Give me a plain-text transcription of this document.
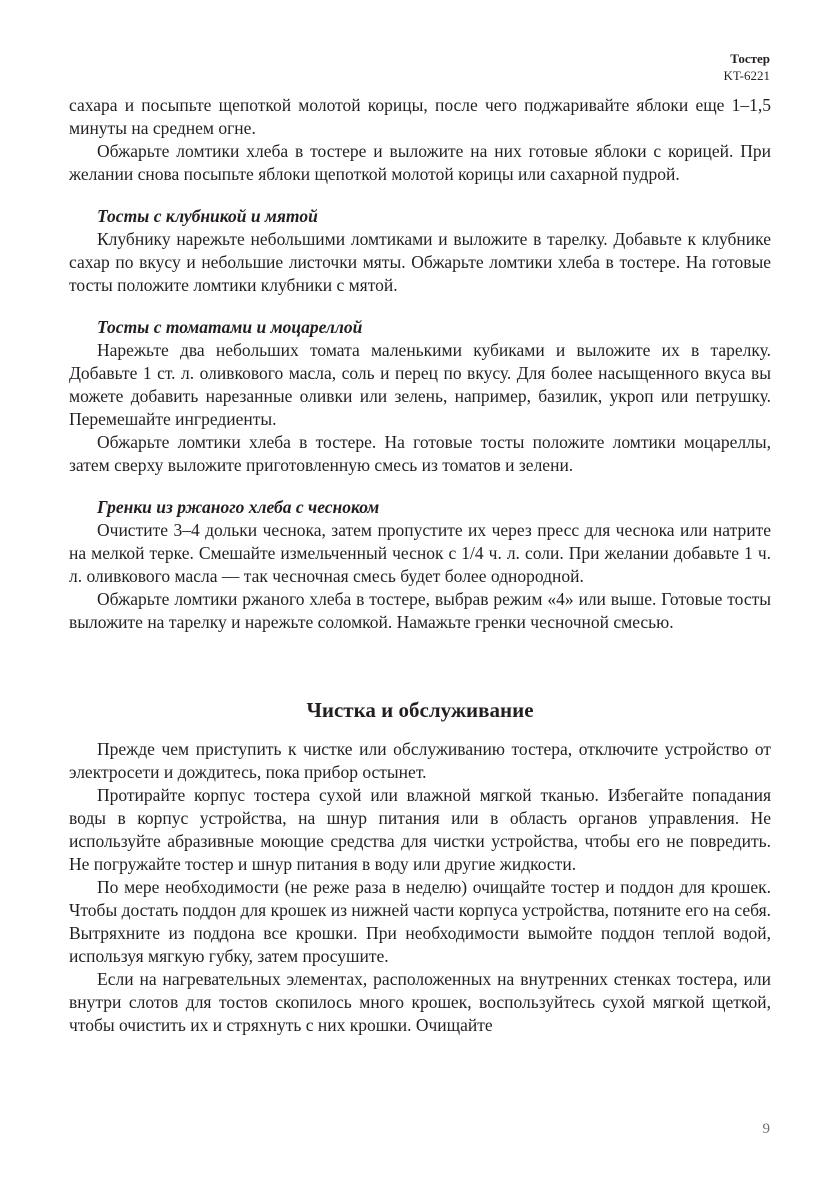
Тостер
KT-6221

сахара и посыпьте щепоткой молотой корицы, после чего поджаривайте яблоки еще 1–1,5 минуты на среднем огне.

Обжарьте ломтики хлеба в тостере и выложите на них готовые яблоки с корицей. При желании снова посыпьте яблоки щепоткой молотой корицы или сахарной пудрой.

Тосты с клубникой и мятой

Клубнику нарежьте небольшими ломтиками и выложите в тарелку. Добавьте к клубнике сахар по вкусу и небольшие листочки мяты. Обжарьте ломтики хлеба в тостере. На готовые тосты положите ломтики клубники с мятой.

Тосты с томатами и моцареллой

Нарежьте два небольших томата маленькими кубиками и выложите их в тарелку. Добавьте 1 ст. л. оливкового масла, соль и перец по вкусу. Для более насыщенного вкуса вы можете добавить нарезанные оливки или зелень, например, базилик, укроп или петрушку. Перемешайте ингредиенты.

Обжарьте ломтики хлеба в тостере. На готовые тосты положите ломтики моцареллы, затем сверху выложите приготовленную смесь из томатов и зелени.

Гренки из ржаного хлеба с чесноком

Очистите 3–4 дольки чеснока, затем пропустите их через пресс для чеснока или натрите на мелкой терке. Смешайте измельченный чеснок с 1/4 ч. л. соли. При желании добавьте 1 ч. л. оливкового масла — так чесночная смесь будет более однородной.

Обжарьте ломтики ржаного хлеба в тостере, выбрав режим «4» или выше. Готовые тосты выложите на тарелку и нарежьте соломкой. Намажьте гренки чесночной смесью.

Чистка и обслуживание

Прежде чем приступить к чистке или обслуживанию тостера, отключите устройство от электросети и дождитесь, пока прибор остынет.

Протирайте корпус тостера сухой или влажной мягкой тканью. Избегайте попадания воды в корпус устройства, на шнур питания или в область органов управления. Не используйте абразивные моющие средства для чистки устройства, чтобы его не повредить. Не погружайте тостер и шнур питания в воду или другие жидкости.

По мере необходимости (не реже раза в неделю) очищайте тостер и поддон для крошек. Чтобы достать поддон для крошек из нижней части корпуса устройства, потяните его на себя. Вытряхните из поддона все крошки. При необходимости вымойте поддон теплой водой, используя мягкую губку, затем просушите.

Если на нагревательных элементах, расположенных на внутренних стенках тостера, или внутри слотов для тостов скопилось много крошек, воспользуйтесь сухой мягкой щеткой, чтобы очистить их и стряхнуть с них крошки. Очищайте

9
